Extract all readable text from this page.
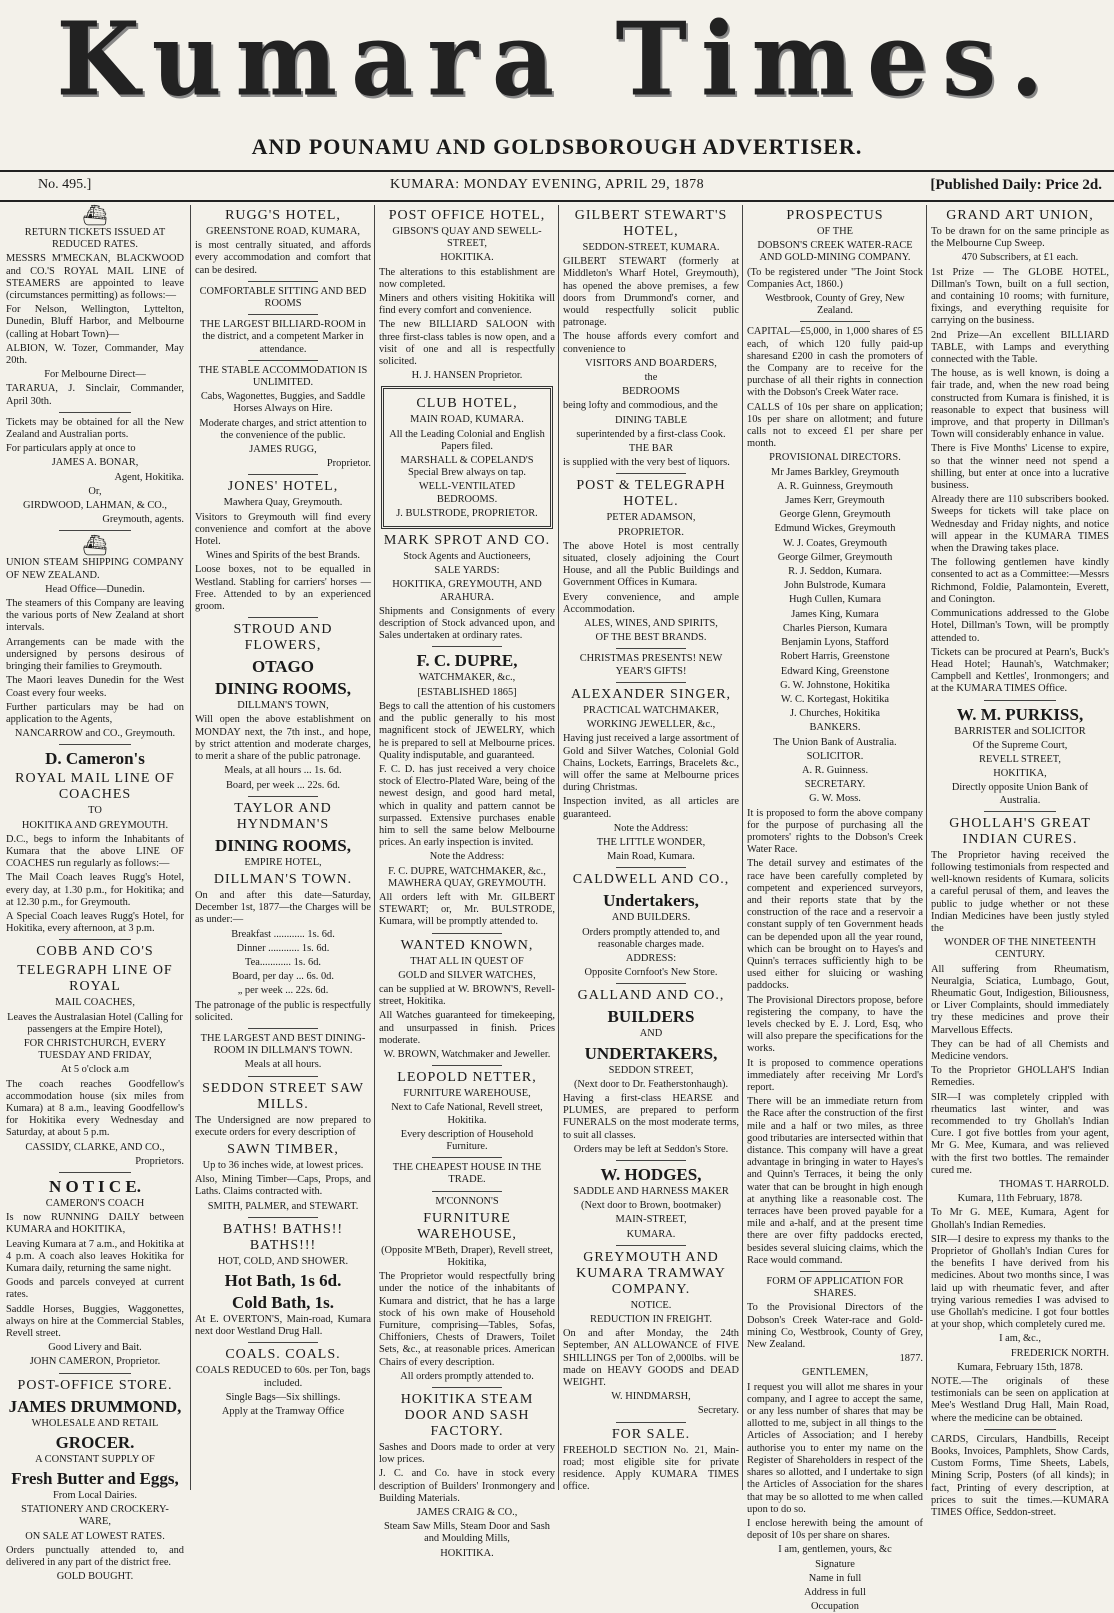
Kumara Times.
AND POUNAMU AND GOLDSBOROUGH ADVERTISER.
No. 495.]	KUMARA: MONDAY EVENING, APRIL 29, 1878	[Published Daily: Price 2d.
⛴

RETURN TICKETS ISSUED AT REDUCED RATES.

MESSRS M'MECKAN, BLACKWOOD and CO.'S ROYAL MAIL LINE of STEAMERS are appointed to leave (circumstances permitting) as follows:—

For Nelson, Wellington, Lyttelton, Dunedin, Bluff Harbor, and Melbourne (calling at Hobart Town)—

ALBION, W. Tozer, Commander, May 20th.

For Melbourne Direct—

TARARUA, J. Sinclair, Commander, April 30th.

Tickets may be obtained for all the New Zealand and Australian ports.

For particulars apply at once to

JAMES A. BONAR,

Agent, Hokitika.

Or,

GIRDWOOD, LAHMAN, & CO.,

Greymouth, agents.

⛴

UNION STEAM SHIPPING COMPANY OF NEW ZEALAND.

Head Office—Dunedin.

The steamers of this Company are leaving the various ports of New Zealand at short intervals.

Arrangements can be made with the undersigned by persons desirous of bringing their families to Greymouth.

The Maori leaves Dunedin for the West Coast every four weeks.

Further particulars may be had on application to the Agents,

NANCARROW and CO., Greymouth.

D. Cameron's
ROYAL MAIL LINE OF COACHES

TO

HOKITIKA AND GREYMOUTH.

D.C., begs to inform the Inhabitants of Kumara that the above LINE OF COACHES run regularly as follows:—

The Mail Coach leaves Rugg's Hotel, every day, at 1.30 p.m., for Hokitika; and at 12.30 p.m., for Greymouth.

A Special Coach leaves Rugg's Hotel, for Hokitika, every afternoon, at 3 p.m.

COBB AND CO'S
TELEGRAPH LINE OF ROYAL

MAIL COACHES,

Leaves the Australasian Hotel (Calling for passengers at the Empire Hotel),

FOR CHRISTCHURCH, EVERY TUESDAY AND FRIDAY,

At 5 o'clock a.m

The coach reaches Goodfellow's accommodation house (six miles from Kumara) at 8 a.m., leaving Goodfellow's for Hokitika every Wednesday and Saturday, at about 5 p.m.

CASSIDY, CLARKE, AND CO.,

Proprietors.

N O T I C E.

CAMERON'S COACH

Is now RUNNING DAILY between KUMARA and HOKITIKA,

Leaving Kumara at 7 a.m., and Hokitika at 4 p.m. A coach also leaves Hokitika for Kumara daily, returning the same night.

Goods and parcels conveyed at current rates.

Saddle Horses, Buggies, Waggonettes, always on hire at the Commercial Stables, Revell street.

Good Livery and Bait.

JOHN CAMERON, Proprietor.

POST-OFFICE STORE.
JAMES DRUMMOND,

WHOLESALE AND RETAIL

GROCER.

A CONSTANT SUPPLY OF

Fresh Butter and Eggs,

From Local Dairies.

STATIONERY AND CROCKERY-WARE,

ON SALE AT LOWEST RATES.

Orders punctually attended to, and delivered in any part of the district free.

GOLD BOUGHT.

RUGG'S HOTEL,

GREENSTONE ROAD, KUMARA,

is most centrally situated, and affords every accommodation and comfort that can be desired.

COMFORTABLE SITTING AND BED ROOMS

THE LARGEST BILLIARD-ROOM in the district, and a competent Marker in attendance.

THE STABLE ACCOMMODATION IS UNLIMITED.

Cabs, Wagonettes, Buggies, and Saddle Horses Always on Hire.

Moderate charges, and strict attention to the convenience of the public.

JAMES RUGG,

Proprietor.

JONES' HOTEL,

Mawhera Quay, Greymouth.

Visitors to Greymouth will find every convenience and comfort at the above Hotel.

Wines and Spirits of the best Brands.

Loose boxes, not to be equalled in Westland. Stabling for carriers' horses —Free. Attended to by an experienced groom.

STROUD AND FLOWERS,
OTAGO
DINING ROOMS,

DILLMAN'S TOWN,

Will open the above establishment on MONDAY next, the 7th inst., and hope, by strict attention and moderate charges, to merit a share of the public patronage.

Meals, at all hours ... 1s. 6d.

Board, per week ... 22s. 6d.

TAYLOR AND HYNDMAN'S
DINING ROOMS,

EMPIRE HOTEL,

DILLMAN'S TOWN.

On and after this date—Saturday, December 1st, 1877—the Charges will be as under:—

Breakfast ............ 1s. 6d.

Dinner ............ 1s. 6d.

Tea............ 1s. 6d.

Board, per day ... 6s. 0d.

„ per week ... 22s. 6d.

The patronage of the public is respectfully solicited.

THE LARGEST AND BEST DINING-ROOM IN DILLMAN'S TOWN.

Meals at all hours.

SEDDON STREET SAW MILLS.

The Undersigned are now prepared to execute orders for every description of

SAWN TIMBER,

Up to 36 inches wide, at lowest prices.

Also, Mining Timber—Caps, Props, and Laths. Claims contracted with.

SMITH, PALMER, and STEWART.

BATHS! BATHS!! BATHS!!!

HOT, COLD, AND SHOWER.

Hot Bath, 1s 6d.
Cold Bath, 1s.

At E. OVERTON'S, Main-road, Kumara next door Westland Drug Hall.

COALS. COALS.

COALS REDUCED to 60s. per Ton, bags included.

Single Bags—Six shillings.

Apply at the Tramway Office

POST OFFICE HOTEL,

GIBSON'S QUAY AND SEWELL-STREET,

HOKITIKA.

The alterations to this establishment are now completed.

Miners and others visiting Hokitika will find every comfort and convenience.

The new BILLIARD SALOON with three first-class tables is now open, and a visit of one and all is respectfully solicited.

H. J. HANSEN Proprietor.

CLUB HOTEL,

MAIN ROAD, KUMARA.

All the Leading Colonial and English Papers filed.

MARSHALL & COPELAND'S Special Brew always on tap.

WELL-VENTILATED BEDROOMS.

J. BULSTRODE, PROPRIETOR.

MARK SPROT AND CO.

Stock Agents and Auctioneers,

SALE YARDS:

HOKITIKA, GREYMOUTH, AND ARAHURA.

Shipments and Consignments of every description of Stock advanced upon, and Sales undertaken at ordinary rates.

F. C. DUPRE,

WATCHMAKER, &c.,

[ESTABLISHED 1865]

Begs to call the attention of his customers and the public generally to his most magnificent stock of JEWELRY, which he is prepared to sell at Melbourne prices. Quality indisputable, and guaranteed.

F. C. D. has just received a very choice stock of Electro-Plated Ware, being of the newest design, and good hard metal, which in quality and pattern cannot be surpassed. Extensive purchases enable him to sell the same below Melbourne prices. An early inspection is invited.

Note the Address:

F. C. DUPRE, WATCHMAKER, &c., MAWHERA QUAY, GREYMOUTH.

All orders left with Mr. GILBERT STEWART; or, Mr. BULSTRODE, Kumara, will be promptly attended to.

WANTED KNOWN,

THAT ALL IN QUEST OF

GOLD and SILVER WATCHES,

can be supplied at W. BROWN'S, Revell-street, Hokitika.

All Watches guaranteed for timekeeping, and unsurpassed in finish. Prices moderate.

W. BROWN, Watchmaker and Jeweller.

LEOPOLD NETTER,

FURNITURE WAREHOUSE,

Next to Cafe National, Revell street, Hokitika.

Every description of Household Furniture.

THE CHEAPEST HOUSE IN THE TRADE.

M'CONNON'S

FURNITURE WAREHOUSE,

(Opposite M'Beth, Draper), Revell street, Hokitika,

The Proprietor would respectfully bring under the notice of the inhabitants of Kumara and district, that he has a large stock of his own make of Household Furniture, comprising—Tables, Sofas, Chiffoniers, Chests of Drawers, Toilet Sets, &c., at reasonable prices. American Chairs of every description.

All orders promptly attended to.

HOKITIKA STEAM DOOR AND SASH FACTORY.

Sashes and Doors made to order at very low prices.

J. C. and Co. have in stock every description of Builders' Ironmongery and Building Materials.

JAMES CRAIG & CO.,

Steam Saw Mills, Steam Door and Sash and Moulding Mills,

HOKITIKA.

GILBERT STEWART'S HOTEL,

SEDDON-STREET, KUMARA.

GILBERT STEWART (formerly at Middleton's Wharf Hotel, Greymouth), has opened the above premises, a few doors from Drummond's corner, and would respectfully solicit public patronage.

The house affords every comfort and convenience to

VISITORS AND BOARDERS,

the

BEDROOMS

being lofty and commodious, and the

DINING TABLE

superintended by a first-class Cook.

THE BAR

is supplied with the very best of liquors.

POST & TELEGRAPH HOTEL.

PETER ADAMSON,

PROPRIETOR.

The above Hotel is most centrally situated, closely adjoining the Court House, and all the Public Buildings and Government Offices in Kumara.

Every convenience, and ample Accommodation.

ALES, WINES, AND SPIRITS,

OF THE BEST BRANDS.

CHRISTMAS PRESENTS! NEW YEAR'S GIFTS!

ALEXANDER SINGER,

PRACTICAL WATCHMAKER,

WORKING JEWELLER, &c.,

Having just received a large assortment of Gold and Silver Watches, Colonial Gold Chains, Lockets, Earrings, Bracelets &c., will offer the same at Melbourne prices during Christmas.

Inspection invited, as all articles are guaranteed.

Note the Address:

THE LITTLE WONDER,

Main Road, Kumara.

CALDWELL AND CO.,
Undertakers,

AND BUILDERS.

Orders promptly attended to, and reasonable charges made.

ADDRESS:

Opposite Cornfoot's New Store.

GALLAND AND CO.,
BUILDERS

AND

UNDERTAKERS,

SEDDON STREET,

(Next door to Dr. Featherstonhaugh).

Having a first-class HEARSE and PLUMES, are prepared to perform FUNERALS on the most moderate terms, to suit all classes.

Orders may be left at Seddon's Store.

W. HODGES,

SADDLE AND HARNESS MAKER

(Next door to Brown, bootmaker)

MAIN-STREET,

KUMARA.

GREYMOUTH AND KUMARA TRAMWAY COMPANY.

NOTICE.

REDUCTION IN FREIGHT.

On and after Monday, the 24th September, AN ALLOWANCE of FIVE SHILLINGS per Ton of 2,000lbs. will be made on HEAVY GOODS and DEAD WEIGHT.

W. HINDMARSH,

Secretary.

FOR SALE.

FREEHOLD SECTION No. 21, Main-road; most eligible site for private residence. Apply KUMARA TIMES office.

PROSPECTUS

OF THE

DOBSON'S CREEK WATER-RACE AND GOLD-MINING COMPANY.

(To be registered under "The Joint Stock Companies Act, 1860.)

Westbrook, County of Grey, New Zealand.

CAPITAL—£5,000, in 1,000 shares of £5 each, of which 120 fully paid-up sharesand £200 in cash the promoters of the Company are to receive for the purchase of all their rights in connection with the Dobson's Creek Water race.

CALLS of 10s per share on application; 10s per share on allotment; and future calls not to exceed £1 per share per month.

PROVISIONAL DIRECTORS.

Mr James Barkley, Greymouth

A. R. Guinness, Greymouth

James Kerr, Greymouth

George Glenn, Greymouth

Edmund Wickes, Greymouth

W. J. Coates, Greymouth

George Gilmer, Greymouth

R. J. Seddon, Kumara.

John Bulstrode, Kumara

Hugh Cullen, Kumara

James King, Kumara

Charles Pierson, Kumara

Benjamin Lyons, Stafford

Robert Harris, Greenstone

Edward King, Greenstone

G. W. Johnstone, Hokitika

W. C. Kortegast, Hokitika

J. Churches, Hokitika

BANKERS.

The Union Bank of Australia.

SOLICITOR.

A. R. Guinness.

SECRETARY.

G. W. Moss.

It is proposed to form the above company for the purpose of purchasing all the promoters' rights to the Dobson's Creek Water Race.

The detail survey and estimates of the race have been carefully completed by competent and experienced surveyors, and their reports state that by the construction of the race and a reservoir a constant supply of ten Government heads can be depended upon all the year round, which can be brought on to Hayes's and Quinn's terraces sufficiently high to be used either for sluicing or washing paddocks.

The Provisional Directors propose, before registering the company, to have the levels checked by E. J. Lord, Esq, who will also prepare the specifications for the works.

It is proposed to commence operations immediately after receiving Mr Lord's report.

There will be an immediate return from the Race after the construction of the first mile and a half or two miles, as three good tributaries are intersected within that distance. This company will have a great advantage in bringing in water to Hayes's and Quinn's Terraces, it being the only water that can be brought in high enough at anything like a reasonable cost. The terraces have been proved payable for a mile and a-half, and at the present time there are over fifty paddocks erected, besides several sluicing claims, which the Race would command.

FORM OF APPLICATION FOR SHARES.

To the Provisional Directors of the Dobson's Creek Water-race and Gold-mining Co, Westbrook, County of Grey, New Zealand.

1877.

GENTLEMEN,

I request you will allot me shares in your company, and I agree to accept the same, or any less number of shares that may be allotted to me, subject in all things to the Articles of Association; and I hereby authorise you to enter my name on the Register of Shareholders in respect of the shares so allotted, and I undertake to sign the Articles of Association for the shares that may be so allotted to me when called upon to do so.

I enclose herewith being the amount of deposit of 10s per share on shares.

I am, gentlemen, yours, &c

Signature

Name in full

Address in full

Occupation

GRAND ART UNION,

To be drawn for on the same principle as the Melbourne Cup Sweep.

470 Subscribers, at £1 each.

1st Prize — The GLOBE HOTEL, Dillman's Town, built on a full section, and containing 10 rooms; with furniture, fixings, and everything requisite for carrying on the business.

2nd Prize—An excellent BILLIARD TABLE, with Lamps and everything connected with the Table.

The house, as is well known, is doing a fair trade, and, when the new road being constructed from Kumara is finished, it is reasonable to expect that business will improve, and that property in Dillman's Town will considerably enhance in value.

There is Five Months' License to expire, so that the winner need not spend a shilling, but enter at once into a lucrative business.

Already there are 110 subscribers booked. Sweeps for tickets will take place on Wednesday and Friday nights, and notice will appear in the KUMARA TIMES when the Drawing takes place.

The following gentlemen have kindly consented to act as a Committee:—Messrs Richmond, Foldie, Palamontein, Everett, and Conington.

Communications addressed to the Globe Hotel, Dillman's Town, will be promptly attended to.

Tickets can be procured at Pearn's, Buck's Head Hotel; Haunah's, Watchmaker; Campbell and Kettles', Ironmongers; and at the KUMARA TIMES Office.

W. M. PURKISS,

BARRISTER and SOLICITOR

Of the Supreme Court,

REVELL STREET,

HOKITIKA,

Directly opposite Union Bank of Australia.

GHOLLAH'S GREAT INDIAN CURES.

The Proprietor having received the following testimonials from respected and well-known residents of Kumara, solicits a careful perusal of them, and leaves the public to judge whether or not these Indian Medicines have been justly styled the

WONDER OF THE NINETEENTH CENTURY.

All suffering from Rheumatism, Neuralgia, Sciatica, Lumbago, Gout, Rheumatic Gout, Indigestion, Biliousness, or Liver Complaints, should immediately try these medicines and prove their Marvellous Effects.

They can be had of all Chemists and Medicine vendors.

To the Proprietor GHOLLAH'S Indian Remedies.

SIR—I was completely crippled with rheumatics last winter, and was recommended to try Ghollah's Indian Cure. I got five bottles from your agent, Mr G. Mee, Kumara, and was relieved with the first two bottles. The remainder cured me.

THOMAS T. HARROLD.

Kumara, 11th February, 1878.

To Mr G. MEE, Kumara, Agent for Ghollah's Indian Remedies.

SIR—I desire to express my thanks to the Proprietor of Ghollah's Indian Cures for the benefits I have derived from his medicines. About two months since, I was laid up with rheumatic fever, and after trying various remedies I was advised to use Ghollah's medicine. I got four bottles at your shop, which completely cured me.

I am, &c.,

FREDERICK NORTH.

Kumara, February 15th, 1878.

NOTE.—The originals of these testimonials can be seen on application at Mee's Westland Drug Hall, Main Road, where the medicine can be obtained.

CARDS, Circulars, Handbills, Receipt Books, Invoices, Pamphlets, Show Cards, Custom Forms, Time Sheets, Labels, Mining Scrip, Posters (of all kinds); in fact, Printing of every description, at prices to suit the times.—KUMARA TIMES Office, Seddon-street.
